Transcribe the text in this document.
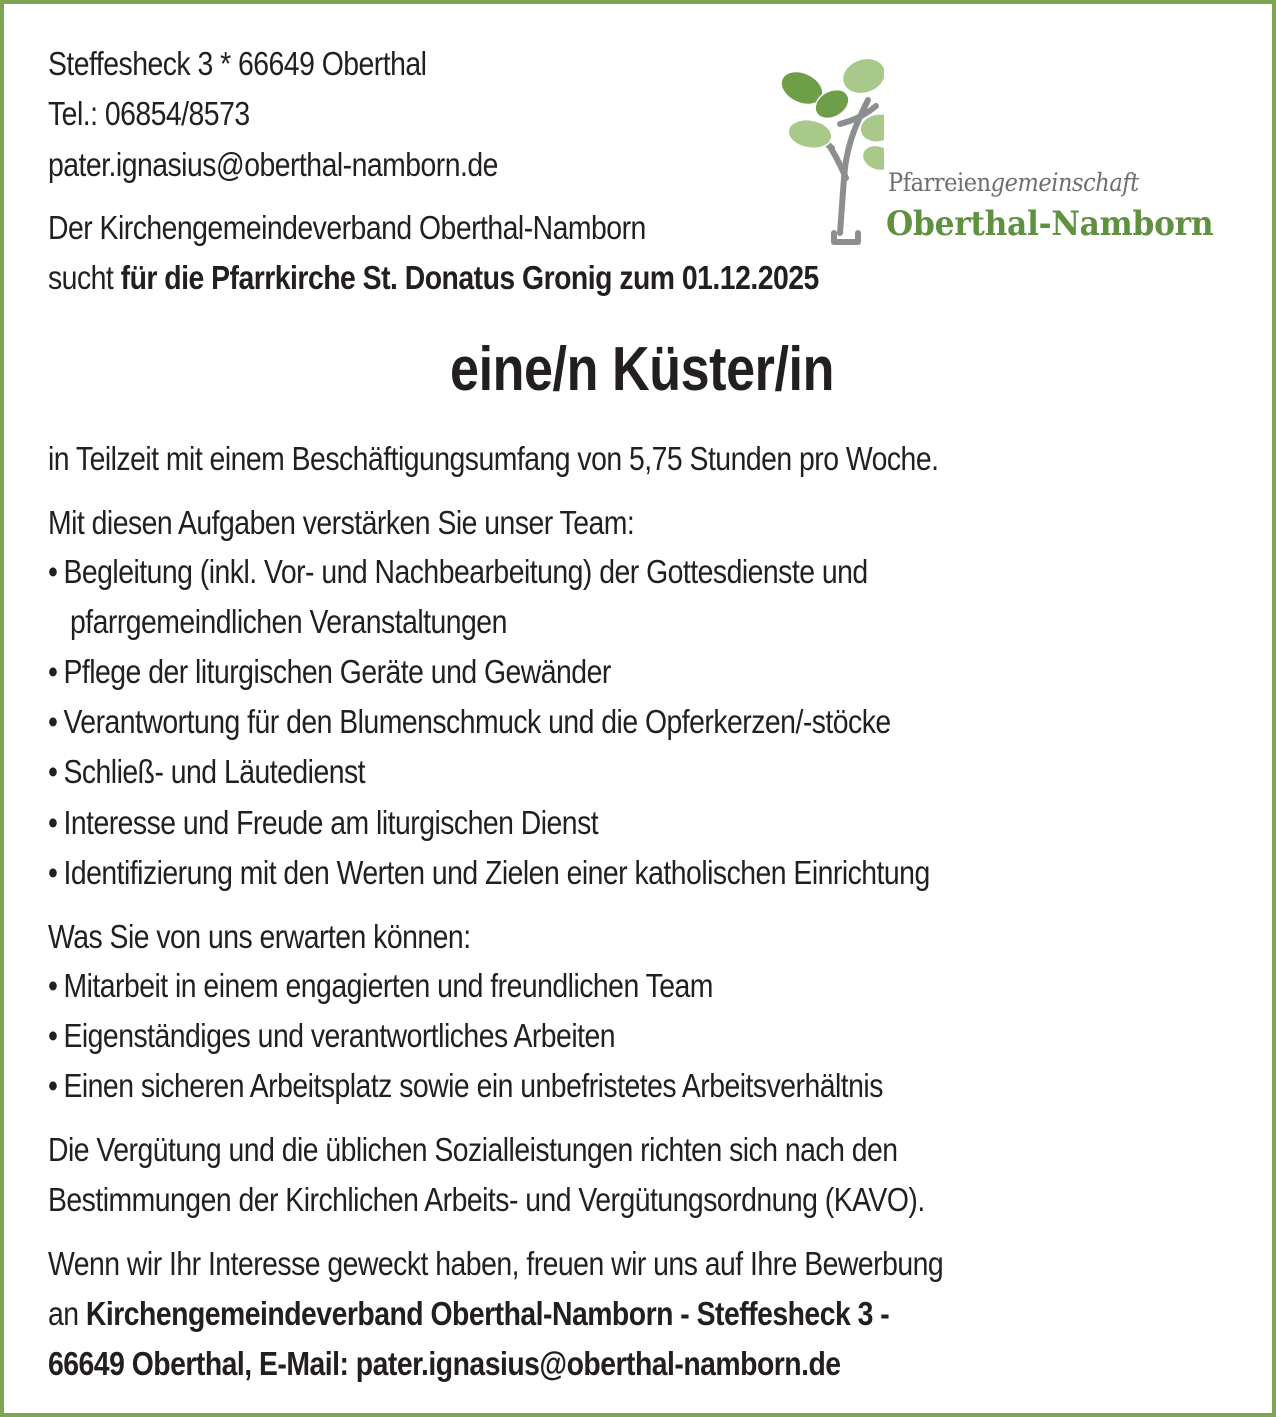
Steffesheck 3 * 66649 Oberthal

Tel.: 06854/8573

pater.ignasius@oberthal-namborn.de	Pfarreiengemeinschaft

Oberthal-Namborn

Der Kirchengemeindeverband Oberthal-Namborn

sucht für die Pfarrkirche St. Donatus Gronig zum 01.12.2025

eine/n Küster/in

in Teilzeit mit einem Beschäftigungsumfang von 5,75 Stunden pro Woche.

Mit diesen Aufgaben verstärken Sie unser Team:

• Begleitung (inkl. Vor- und Nachbearbeitung) der Gottesdienste und

pfarrgemeindlichen Veranstaltungen

• Pflege der liturgischen Geräte und Gewänder

• Verantwortung für den Blumenschmuck und die Opferkerzen/-stöcke

• Schließ- und Läutedienst

• Interesse und Freude am liturgischen Dienst

• Identifizierung mit den Werten und Zielen einer katholischen Einrichtung

Was Sie von uns erwarten können:

• Mitarbeit in einem engagierten und freundlichen Team

• Eigenständiges und verantwortliches Arbeiten

• Einen sicheren Arbeitsplatz sowie ein unbefristetes Arbeitsverhältnis

Die Vergütung und die üblichen Sozialleistungen richten sich nach den

Bestimmungen der Kirchlichen Arbeits- und Vergütungsordnung (KAVO).

Wenn wir Ihr Interesse geweckt haben, freuen wir uns auf Ihre Bewerbung

an Kirchengemeindeverband Oberthal-Namborn - Steffesheck 3 -

66649 Oberthal, E-Mail: pater.ignasius@oberthal-namborn.de
